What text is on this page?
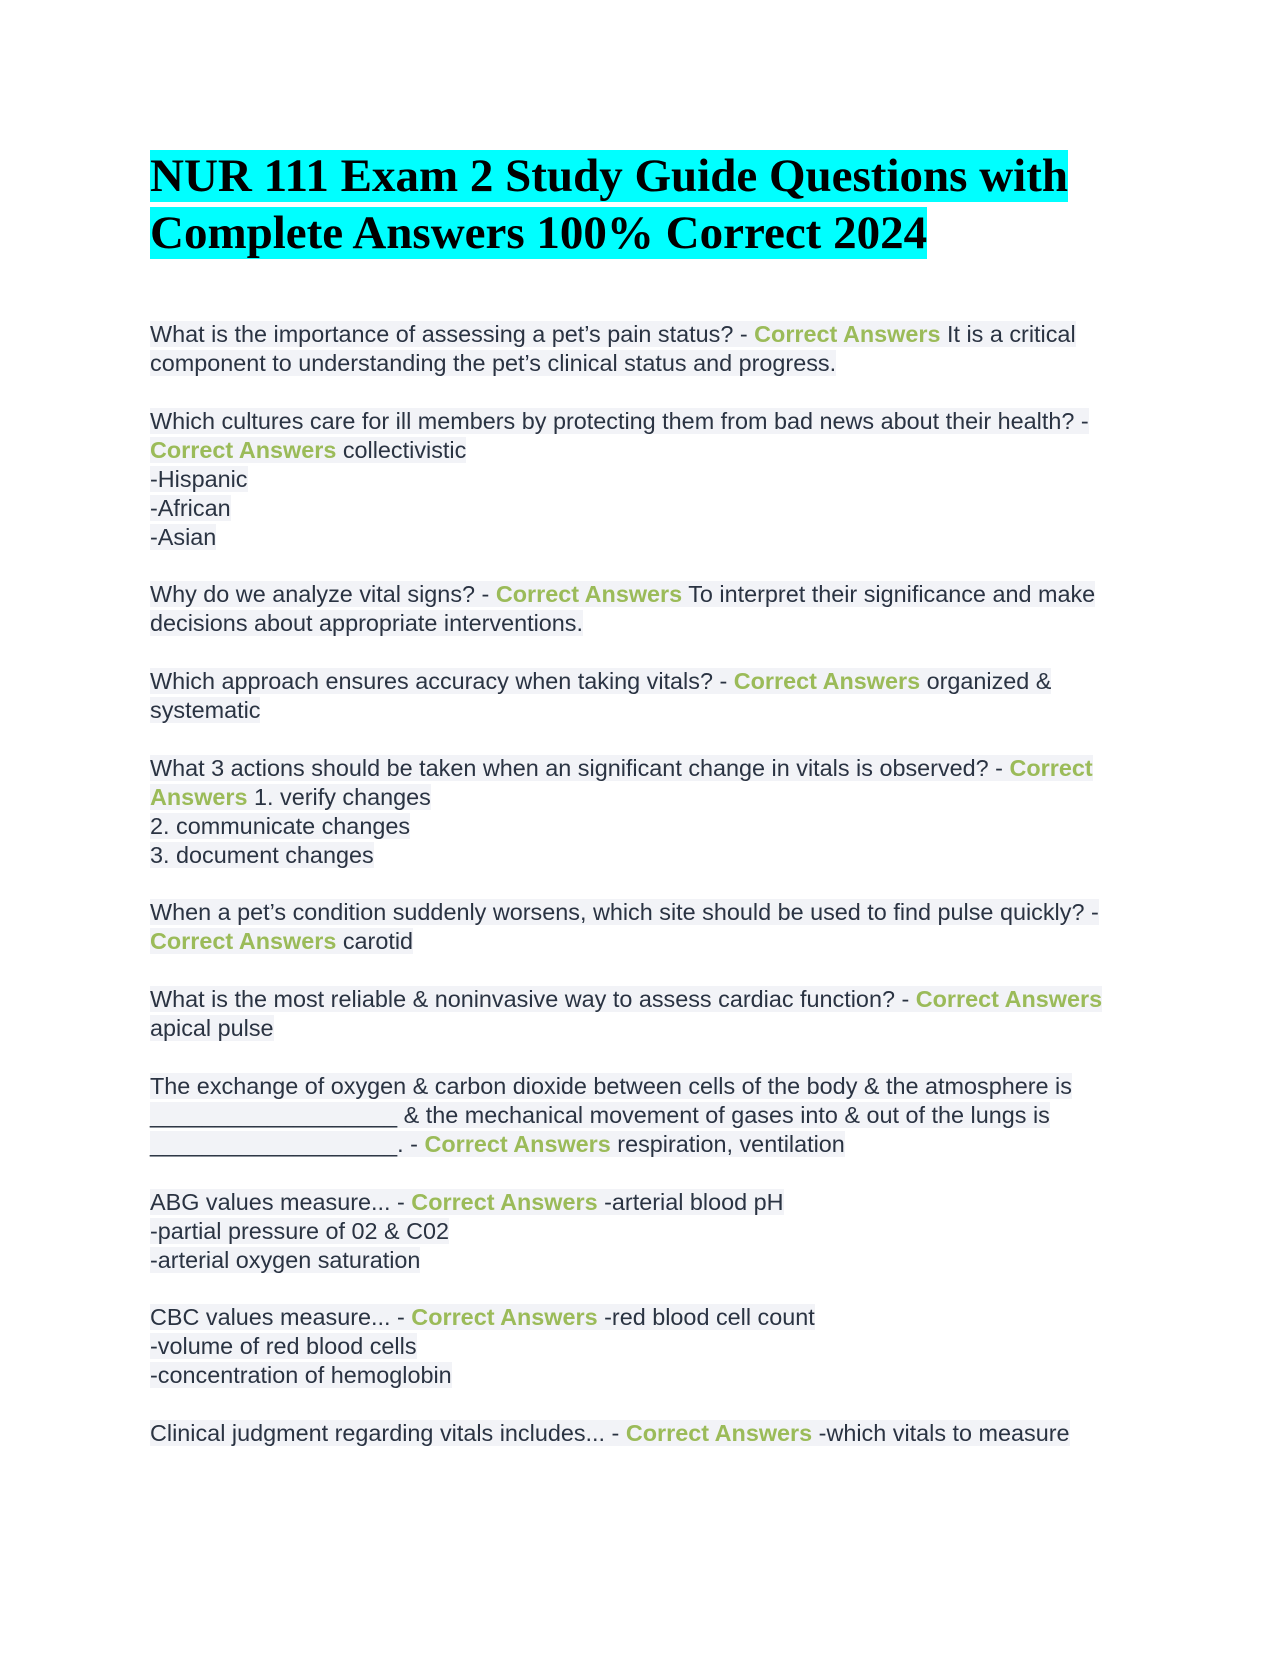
NUR 111 Exam 2 Study Guide Questions with Complete Answers 100% Correct 2024

What is the importance of assessing a pet’s pain status? - Correct Answers It is a critical component to understanding the pet’s clinical status and progress.

Which cultures care for ill members by protecting them from bad news about their health? - Correct Answers collectivistic
-Hispanic
-African
-Asian

Why do we analyze vital signs? - Correct Answers To interpret their significance and make decisions about appropriate interventions.

Which approach ensures accuracy when taking vitals? - Correct Answers organized & systematic

What 3 actions should be taken when an significant change in vitals is observed? - Correct Answers 1. verify changes
2. communicate changes
3. document changes

When a pet’s condition suddenly worsens, which site should be used to find pulse quickly? - Correct Answers carotid

What is the most reliable & noninvasive way to assess cardiac function? - Correct Answers apical pulse

The exchange of oxygen & carbon dioxide between cells of the body & the atmosphere is ___________________ & the mechanical movement of gases into & out of the lungs is ___________________. - Correct Answers respiration, ventilation

ABG values measure... - Correct Answers -arterial blood pH
-partial pressure of 02 & C02
-arterial oxygen saturation

CBC values measure... - Correct Answers -red blood cell count
-volume of red blood cells
-concentration of hemoglobin

Clinical judgment regarding vitals includes... - Correct Answers -which vitals to measure
